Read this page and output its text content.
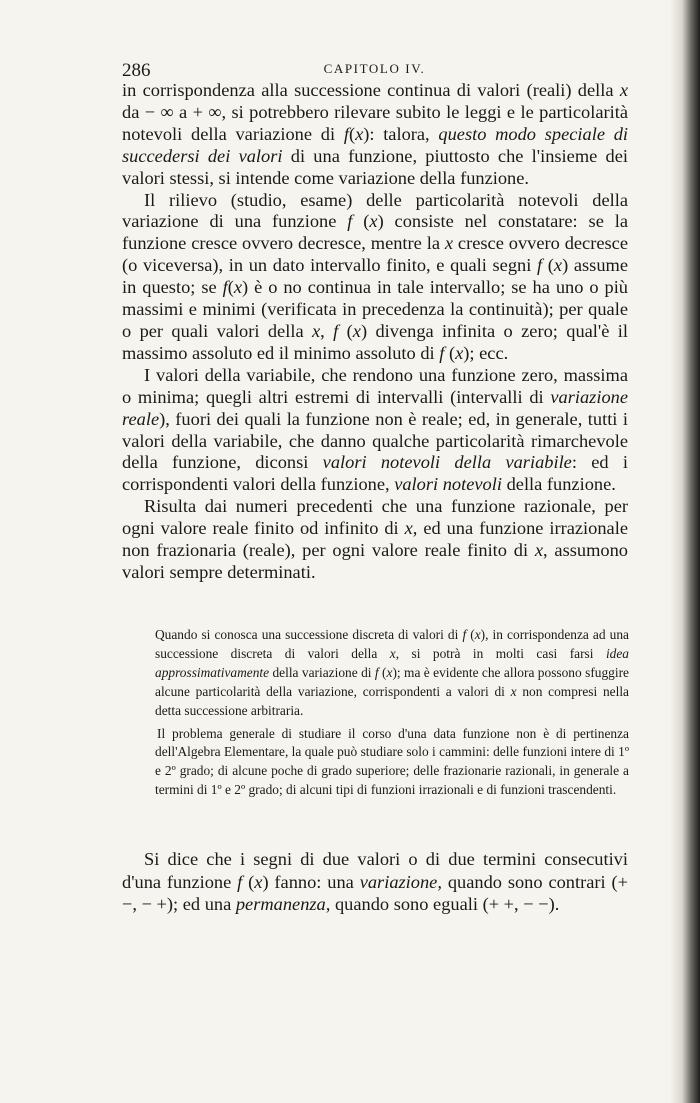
286	CAPITOLO IV.

in corrispondenza alla successione continua di valori (reali) della x da − ∞ a + ∞, si potrebbero rilevare subito le leggi e le particolarità notevoli della variazione di f(x): talora, questo modo speciale di succedersi dei valori di una funzione, piuttosto che l'insieme dei valori stessi, si intende come variazione della funzione.

Il rilievo (studio, esame) delle particolarità notevoli della variazione di una funzione f (x) consiste nel constatare: se la funzione cresce ovvero decresce, mentre la x cresce ovvero decresce (o viceversa), in un dato intervallo finito, e quali segni f (x) assume in questo; se f(x) è o no continua in tale intervallo; se ha uno o più massimi e minimi (verificata in precedenza la continuità); per quale o per quali valori della x, f (x) divenga infinita o zero; qual'è il massimo assoluto ed il minimo assoluto di f (x); ecc.

I valori della variabile, che rendono una funzione zero, massima o minima; quegli altri estremi di intervalli (intervalli di variazione reale), fuori dei quali la funzione non è reale; ed, in generale, tutti i valori della variabile, che danno qualche particolarità rimarchevole della funzione, diconsi valori notevoli della variabile: ed i corrispondenti valori della funzione, valori notevoli della funzione.

Risulta dai numeri precedenti che una funzione razionale, per ogni valore reale finito od infinito di x, ed una funzione irrazionale non frazionaria (reale), per ogni valore reale finito di x, assumono valori sempre determinati.

Quando si conosca una successione discreta di valori di f (x), in corrispondenza ad una successione discreta di valori della x, si potrà in molti casi farsi idea approssimativamente della variazione di f (x); ma è evidente che allora possono sfuggire alcune particolarità della variazione, corrispondenti a valori di x non compresi nella detta successione arbitraria.

Il problema generale di studiare il corso d'una data funzione non è di pertinenza dell'Algebra Elementare, la quale può studiare solo i cammini: delle funzioni intere di 1º e 2º grado; di alcune poche di grado superiore; delle frazionarie razionali, in generale a termini di 1º e 2º grado; di alcuni tipi di funzioni irrazionali e di funzioni trascendenti.

Si dice che i segni di due valori o di due termini consecutivi d'una funzione f (x) fanno: una variazione, quando sono contrari (+ −, − +); ed una permanenza, quando sono eguali (+ +, − −).
